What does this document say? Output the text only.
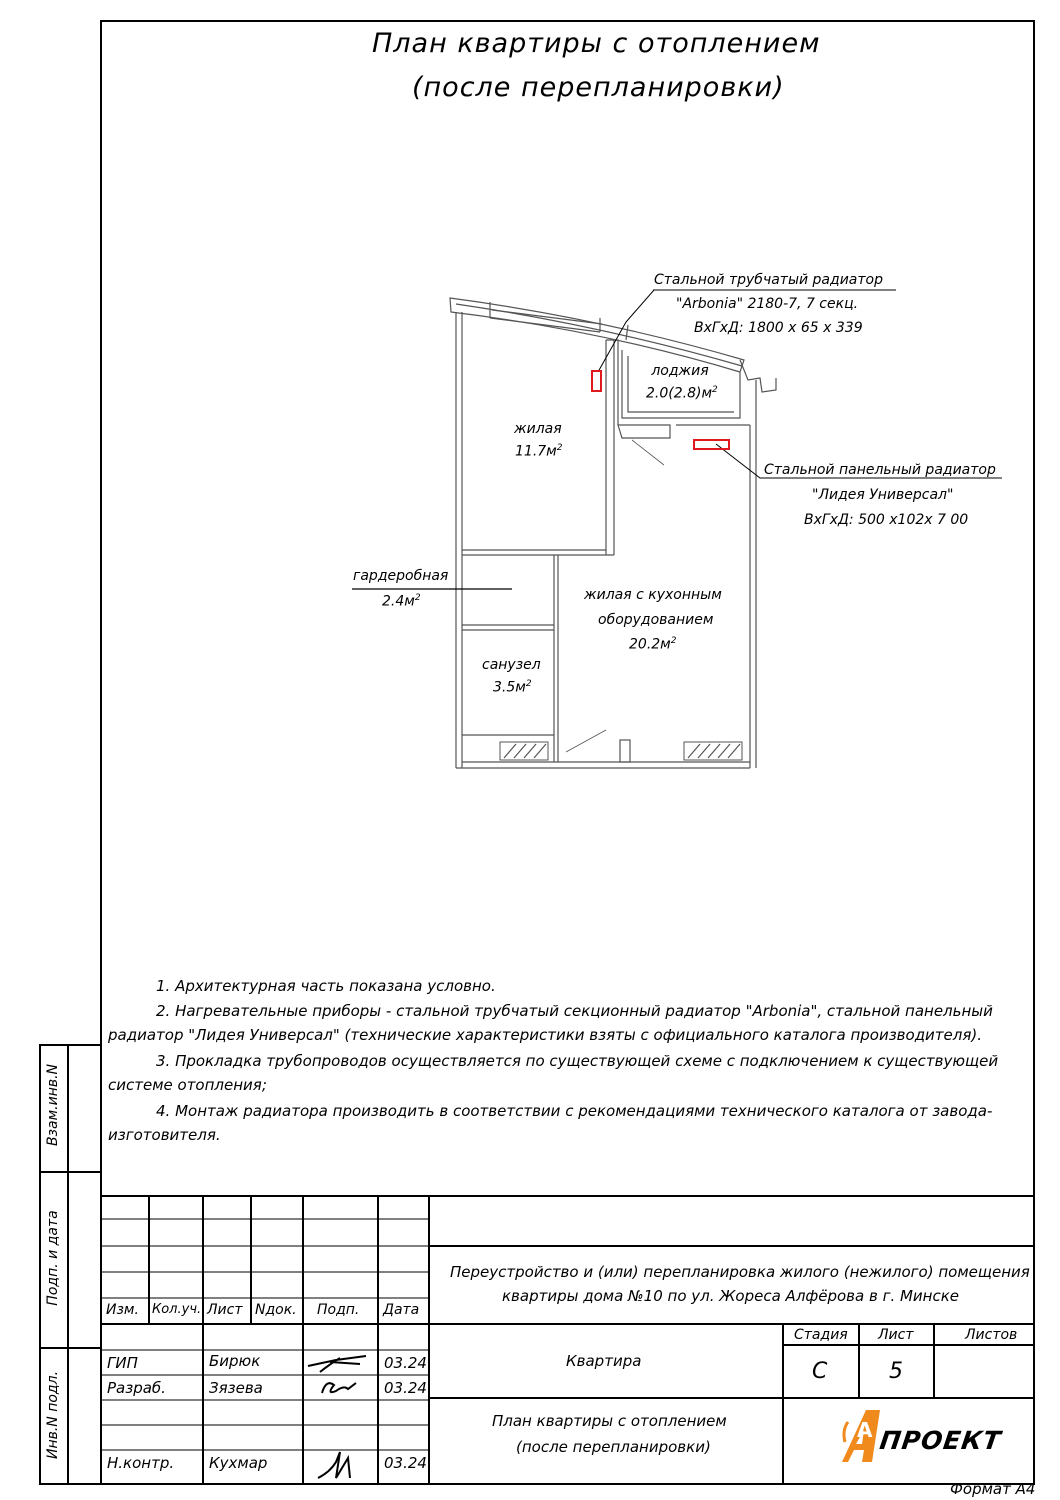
План квартиры с отоплением
(после перепланировки)
лоджия
$2.0(2.8)м^2$
жилая
$11.7м^2$
гардеробная
$2.4м^2$	жилая с кухонным
оборудованием
$20.2м^2$
санузел
$3.5м^2$
Стальной трубчатый радиатор
"Arbonia" 2180-7, 7 секц.
ВхГхД: 1800 х 65 х 339
Стальной панельный радиатор
"Лидея Универсал"
ВхГхД: 500 х102х 7 00
1. Архитектурная часть показана условно.
2. Нагревательные приборы - стальной трубчатый секционный радиатор "Arbonia", стальной панельный радиатор "Лидея Универсал" (технические характеристики взяты с официального каталога производителя).
3. Прокладка трубопроводов осуществляется по существующей схеме с подключением к существующей системе отопления;
4. Монтаж радиатора производить в соответствии с рекомендациями технического каталога от завода-изготовителя.
Взам.инв.N
Подп. и дата
Инв.N подл.
Изм. Кол.уч. Лист Nдок. Подп. Дата
Переустройство и (или) перепланировка жилого (нежилого) помещения
квартиры дома №10 по ул. Жореса Алфёрова в г. Минске
Квартира
План квартиры с отоплением
(после перепланировки)
Стадия Лист	Листов
С	5
ГИП	Бирюк	03.24
Разраб.	Зязева	03.24
Н.контр. Кухмар	03.24
А ПРОЕКТ
Формат А4
